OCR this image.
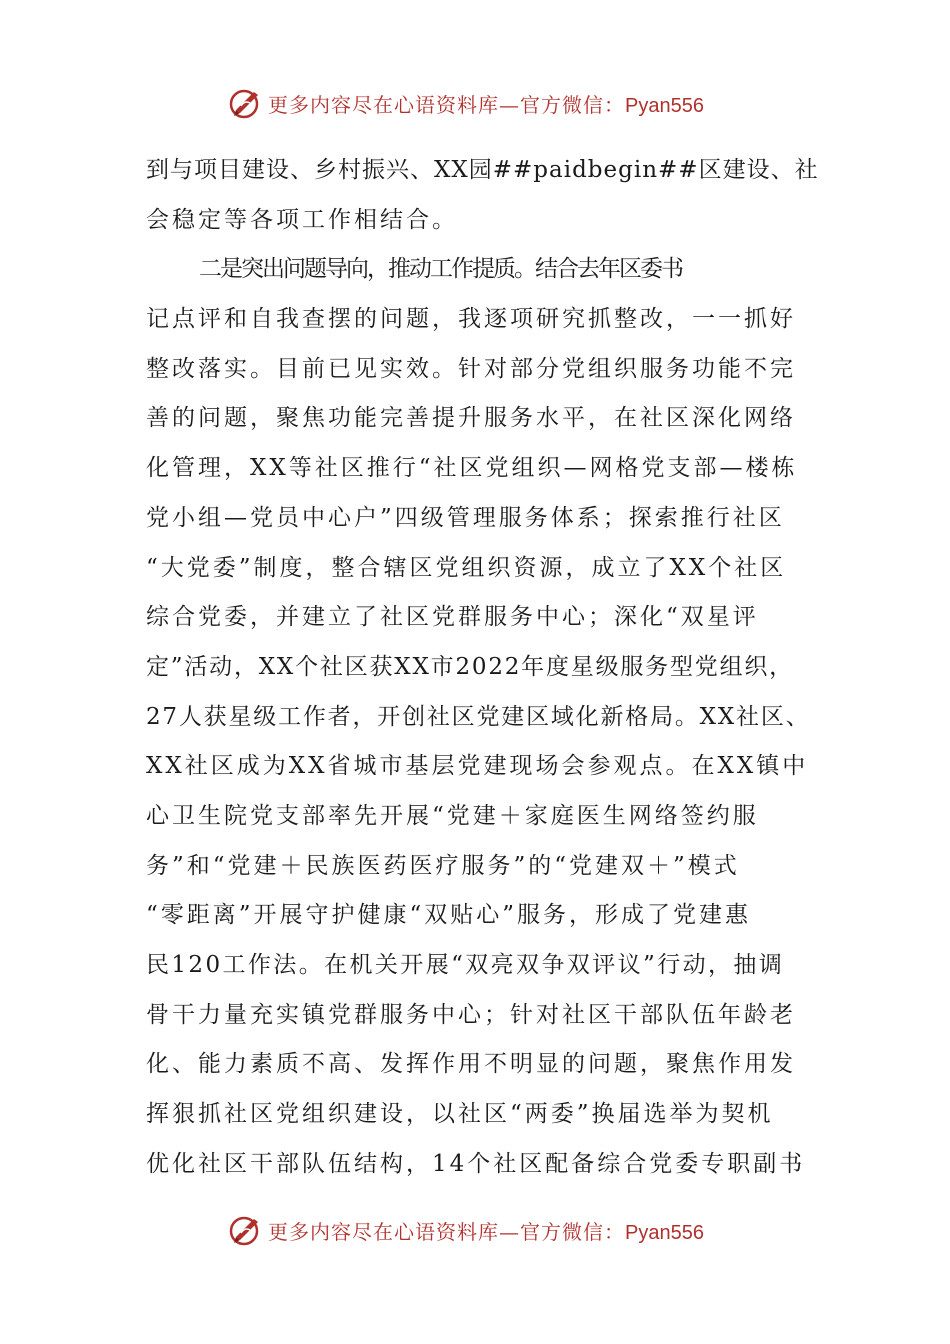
更多内容尽在心语资料库—官方微信：Pyan556
到与项目建设、乡村振兴、XX园##paidbegin##区建设、社
会稳定等各项工作相结合。
二是突出问题导向，推动工作提质。结合去年区委书
记点评和自我查摆的问题，我逐项研究抓整改，一一抓好
整改落实。目前已见实效。针对部分党组织服务功能不完
善的问题，聚焦功能完善提升服务水平，在社区深化网络
化管理，XX等社区推行“社区党组织—网格党支部—楼栋
党小组—党员中心户”四级管理服务体系；探索推行社区
“大党委”制度，整合辖区党组织资源，成立了XX个社区
综合党委，并建立了社区党群服务中心；深化“双星评
定”活动，XX个社区获XX市2022年度星级服务型党组织，
27人获星级工作者，开创社区党建区域化新格局。XX社区、
XX社区成为XX省城市基层党建现场会参观点。在XX镇中
心卫生院党支部率先开展“党建＋家庭医生网络签约服
务”和“党建＋民族医药医疗服务”的“党建双＋”模式
“零距离”开展守护健康“双贴心”服务，形成了党建惠
民120工作法。在机关开展“双亮双争双评议”行动，抽调
骨干力量充实镇党群服务中心；针对社区干部队伍年龄老
化、能力素质不高、发挥作用不明显的问题，聚焦作用发
挥狠抓社区党组织建设，以社区“两委”换届选举为契机
优化社区干部队伍结构，14个社区配备综合党委专职副书
更多内容尽在心语资料库—官方微信：Pyan556
